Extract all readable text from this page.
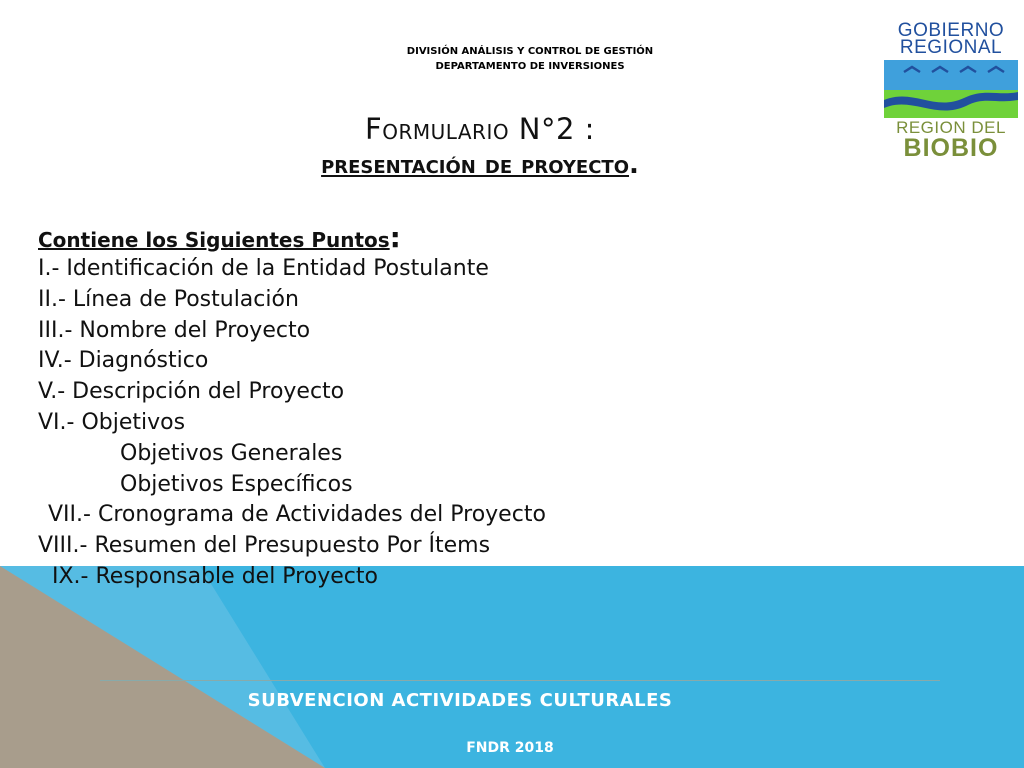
DIVISIÓN ANÁLISIS Y CONTROL DE GESTIÓN
DEPARTAMENTO DE INVERSIONES
Formulario N°2 :
presentación de proyecto.
GOBIERNO
REGIONAL
REGION DEL
BIOBIO
Contiene los Siguientes Puntos:
I.- Identificación de la Entidad Postulante
II.- Línea de Postulación
III.- Nombre del Proyecto
IV.- Diagnóstico
V.- Descripción del Proyecto
VI.- Objetivos
Objetivos Generales
Objetivos Específicos
VII.- Cronograma de Actividades del Proyecto
VIII.- Resumen del Presupuesto Por Ítems
IX.- Responsable del Proyecto
SUBVENCION ACTIVIDADES CULTURALES
FNDR 2018
